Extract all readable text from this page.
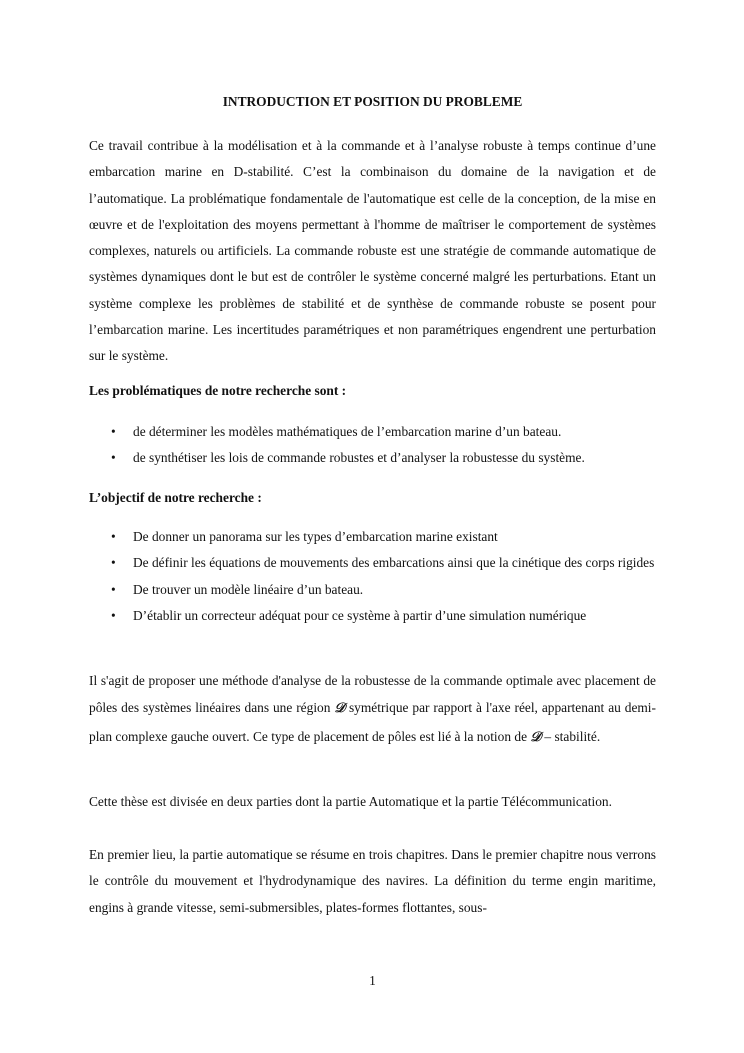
INTRODUCTION ET POSITION DU PROBLEME

Ce travail contribue à la modélisation et à la commande et à l’analyse robuste à temps continue d’une embarcation marine en D-stabilité. C’est la combinaison du domaine de la navigation et de l’automatique. La problématique fondamentale de l'automatique est celle de la conception, de la mise en œuvre et de l'exploitation des moyens permettant à l'homme de maîtriser le comportement de systèmes complexes, naturels ou artificiels. La commande robuste est une stratégie de commande automatique de systèmes dynamiques dont le but est de contrôler le système concerné malgré les perturbations. Etant un système complexe les problèmes de stabilité et de synthèse de commande robuste se posent pour l’embarcation marine. Les incertitudes paramétriques et non paramétriques engendrent une perturbation sur le système.

Les problématiques de notre recherche sont :

• de déterminer les modèles mathématiques de l’embarcation marine d’un bateau.
• de synthétiser les lois de commande robustes et d’analyser la robustesse du système.

L’objectif de notre recherche :

• De donner un panorama sur les types d’embarcation marine existant
• De définir les équations de mouvements des embarcations ainsi que la cinétique des corps rigides
• De trouver un modèle linéaire d’un bateau.
• D’établir un correcteur adéquat pour ce système à partir d’une simulation numérique

Il s'agit de proposer une méthode d'analyse de la robustesse de la commande optimale avec placement de pôles des systèmes linéaires dans une région 𝒟 symétrique par rapport à l'axe réel, appartenant au demi-plan complexe gauche ouvert. Ce type de placement de pôles est lié à la notion de 𝒟 – stabilité.

Cette thèse est divisée en deux parties dont la partie Automatique et la partie Télécommunication.

En premier lieu, la partie automatique se résume en trois chapitres. Dans le premier chapitre nous verrons le contrôle du mouvement et l'hydrodynamique des navires. La définition du terme engin maritime, engins à grande vitesse, semi-submersibles, plates-formes flottantes, sous-

1
